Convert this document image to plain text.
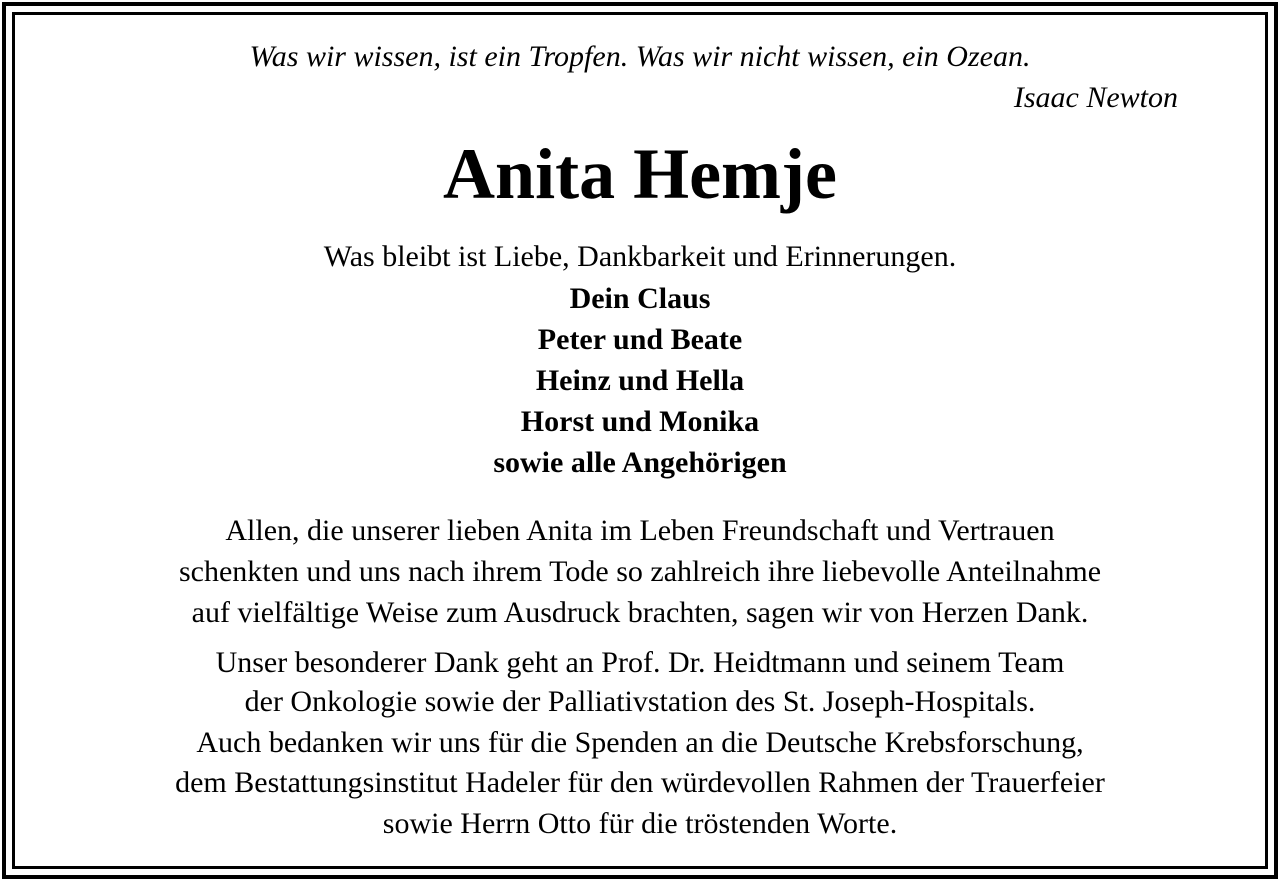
Was wir wissen, ist ein Tropfen. Was wir nicht wissen, ein Ozean.
Isaac Newton
Anita Hemje
Was bleibt ist Liebe, Dankbarkeit und Erinnerungen.
Dein Claus
Peter und Beate
Heinz und Hella
Horst und Monika
sowie alle Angehörigen
Allen, die unserer lieben Anita im Leben Freundschaft und Vertrauen
schenkten und uns nach ihrem Tode so zahlreich ihre liebevolle Anteilnahme
auf vielfältige Weise zum Ausdruck brachten, sagen wir von Herzen Dank.
Unser besonderer Dank geht an Prof. Dr. Heidtmann und seinem Team
der Onkologie sowie der Palliativstation des St. Joseph-Hospitals.
Auch bedanken wir uns für die Spenden an die Deutsche Krebsforschung,
dem Bestattungsinstitut Hadeler für den würdevollen Rahmen der Trauerfeier
sowie Herrn Otto für die tröstenden Worte.
